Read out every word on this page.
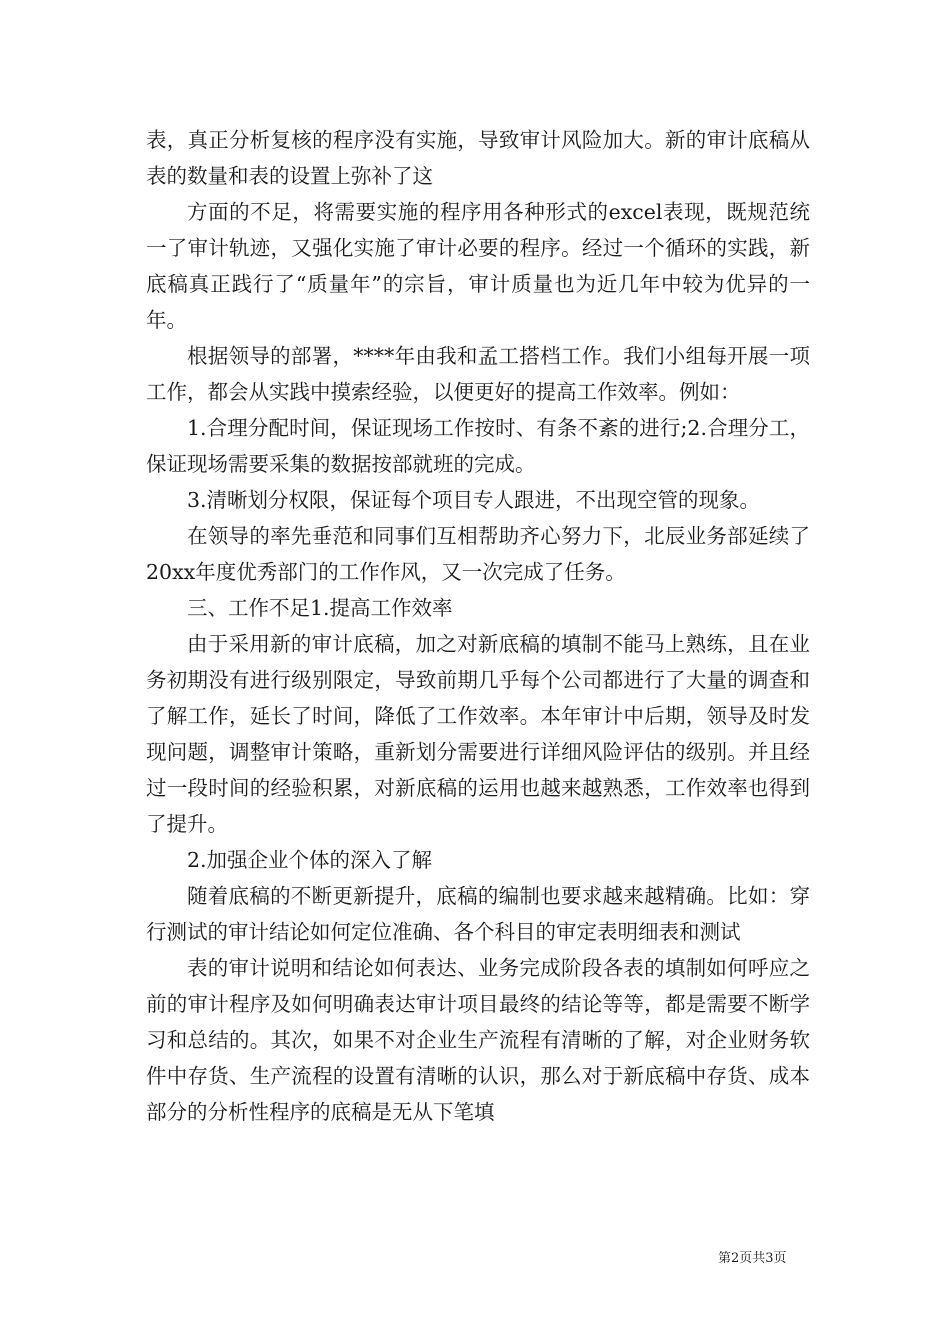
表，真正分析复核的程序没有实施，导致审计风险加大。新的审计底稿从表的数量和表的设置上弥补了这

方面的不足，将需要实施的程序用各种形式的excel表现，既规范统一了审计轨迹，又强化实施了审计必要的程序。经过一个循环的实践，新底稿真正践行了“质量年”的宗旨，审计质量也为近几年中较为优异的一年。

根据领导的部署，****年由我和孟工搭档工作。我们小组每开展一项工作，都会从实践中摸索经验，以便更好的提高工作效率。例如：

1.合理分配时间，保证现场工作按时、有条不紊的进行;2.合理分工，保证现场需要采集的数据按部就班的完成。

3.清晰划分权限，保证每个项目专人跟进，不出现空管的现象。

在领导的率先垂范和同事们互相帮助齐心努力下，北辰业务部延续了20xx年度优秀部门的工作作风，又一次完成了任务。

三、工作不足1.提高工作效率

由于采用新的审计底稿，加之对新底稿的填制不能马上熟练，且在业务初期没有进行级别限定，导致前期几乎每个公司都进行了大量的调查和了解工作，延长了时间，降低了工作效率。本年审计中后期，领导及时发现问题，调整审计策略，重新划分需要进行详细风险评估的级别。并且经过一段时间的经验积累，对新底稿的运用也越来越熟悉，工作效率也得到了提升。

2.加强企业个体的深入了解

随着底稿的不断更新提升，底稿的编制也要求越来越精确。比如：穿行测试的审计结论如何定位准确、各个科目的审定表明细表和测试

表的审计说明和结论如何表达、业务完成阶段各表的填制如何呼应之前的审计程序及如何明确表达审计项目最终的结论等等，都是需要不断学习和总结的。其次，如果不对企业生产流程有清晰的了解，对企业财务软件中存货、生产流程的设置有清晰的认识，那么对于新底稿中存货、成本部分的分析性程序的底稿是无从下笔填

第2页共3页
